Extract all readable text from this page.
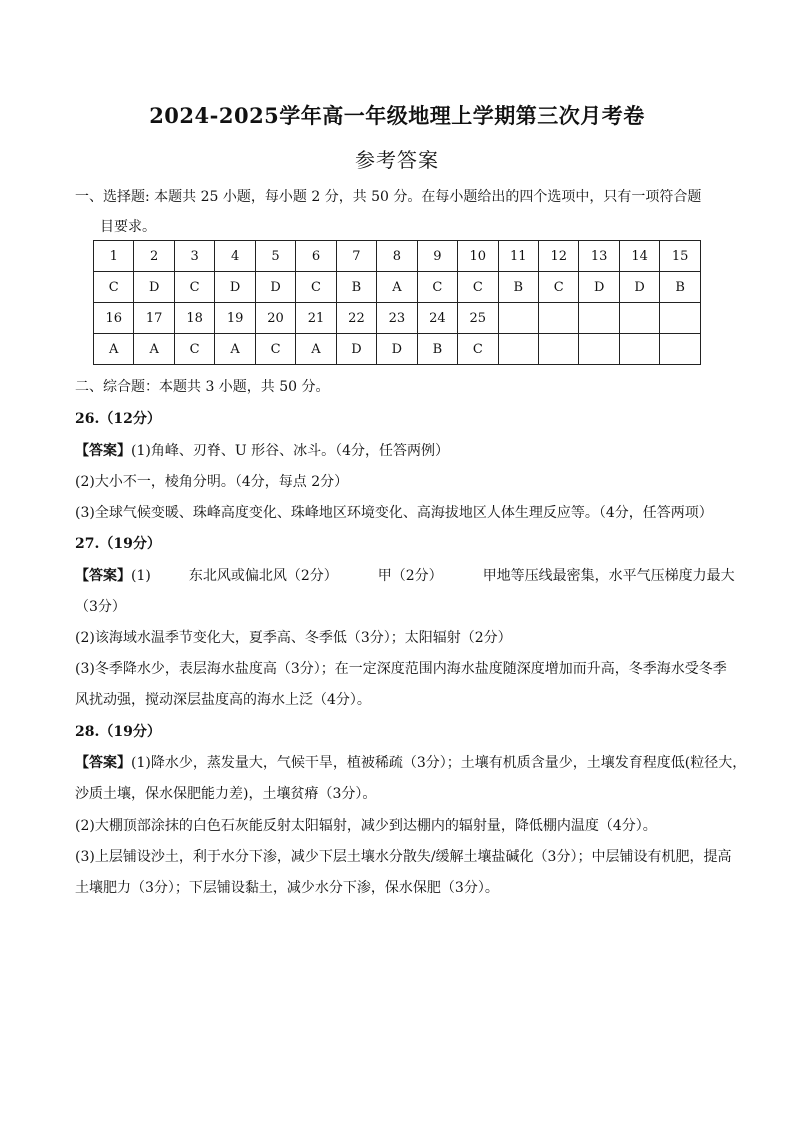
2024-2025学年高一年级地理上学期第三次月考卷
参考答案
一、选择题: 本题共 25 小题，每小题 2 分，共 50 分。在每小题给出的四个选项中，只有一项符合题
目要求。
1	2	3	4	5	6	7	8	9	10	11	12	13	14	15
C	D	C	D	D	C	B	A	C	C	B	C	D	D	B
16	17	18	19	20	21	22	23	24	25					
A	A	C	A	C	A	D	D	B	C					
二、综合题：本题共 3 小题，共 50 分。
26.（12分）
【答案】(1)角峰、刃脊、U 形谷、冰斗。（4分，任答两例）
(2)大小不一，棱角分明。（4分，每点 2分）
(3)全球气候变暖、珠峰高度变化、珠峰地区环境变化、高海拔地区人体生理反应等。（4分，任答两项）
27.（19分）
【答案】(1)	东北风或偏北风（2分）	甲（2分）	甲地等压线最密集，水平气压梯度力最大
（3分）
(2)该海域水温季节变化大，夏季高、冬季低（3分）；太阳辐射（2分）
(3)冬季降水少，表层海水盐度高（3分）；在一定深度范围内海水盐度随深度增加而升高，冬季海水受冬季
风扰动强，搅动深层盐度高的海水上泛（4分）。
28.（19分）
【答案】(1)降水少，蒸发量大，气候干旱，植被稀疏（3分）；土壤有机质含量少，土壤发育程度低(粒径大，
沙质土壤，保水保肥能力差)，土壤贫瘠（3分）。
(2)大棚顶部涂抹的白色石灰能反射太阳辐射，减少到达棚内的辐射量，降低棚内温度（4分）。
(3)上层铺设沙土，利于水分下渗，减少下层土壤水分散失/缓解土壤盐碱化（3分）；中层铺设有机肥，提高
土壤肥力（3分）；下层铺设黏土，减少水分下渗，保水保肥（3分）。
